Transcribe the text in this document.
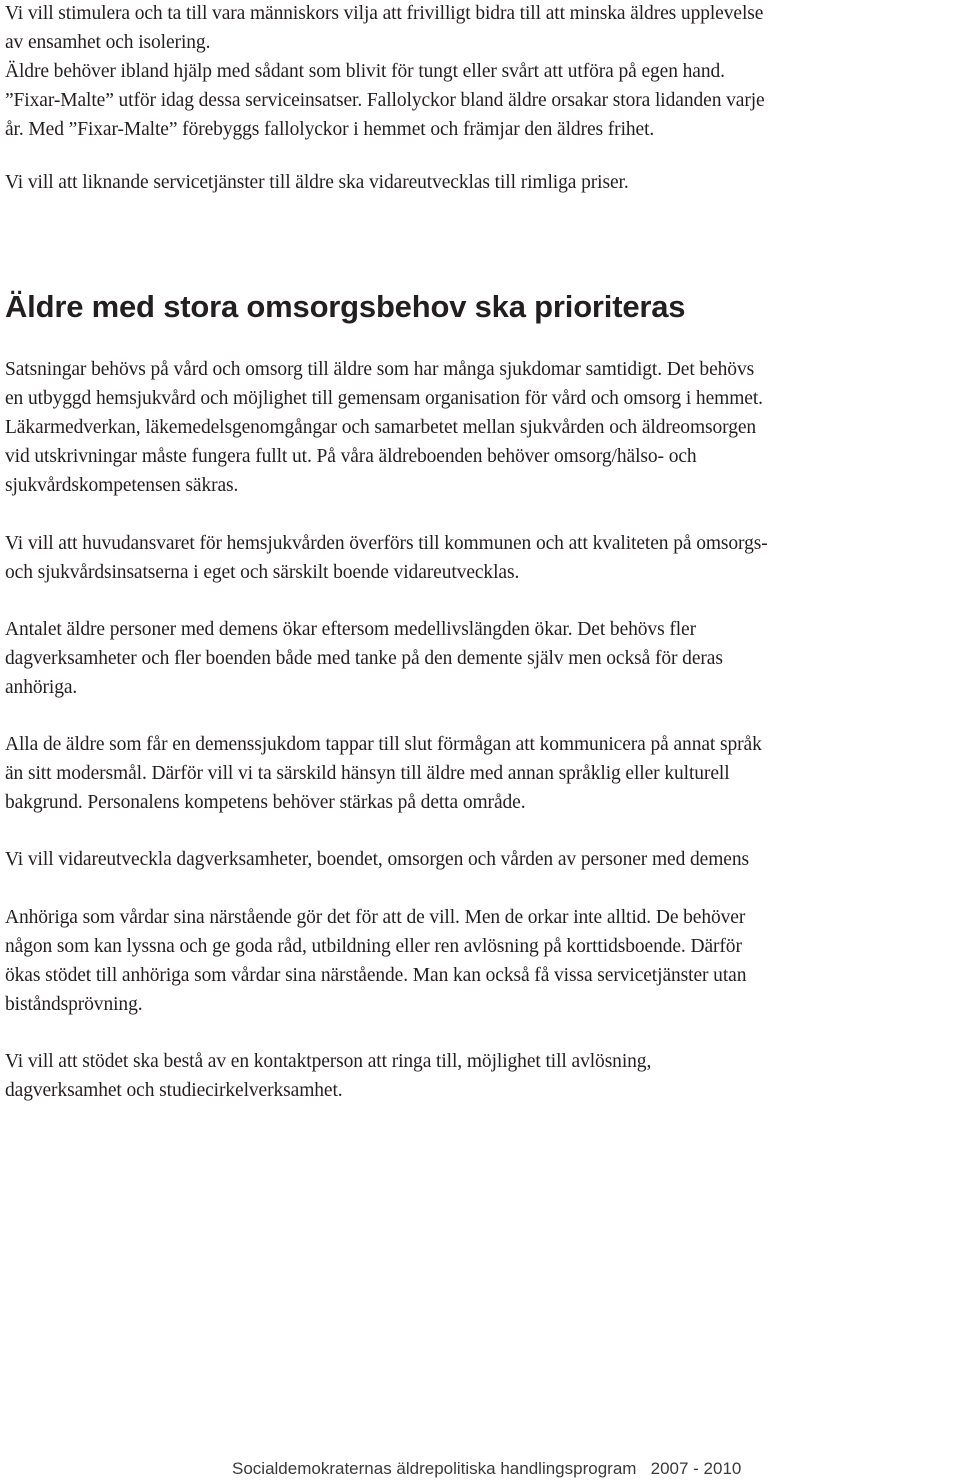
Vi vill stimulera och ta till vara människors vilja att frivilligt bidra till att minska äldres upplevelse

av ensamhet och isolering.

Äldre behöver ibland hjälp med sådant som blivit för tungt eller svårt att utföra på egen hand.

”Fixar-Malte” utför idag dessa serviceinsatser. Fallolyckor bland äldre orsakar stora lidanden varje

år. Med ”Fixar-Malte” förebyggs fallolyckor i hemmet och främjar den äldres frihet.

Vi vill att liknande servicetjänster till äldre ska vidareutvecklas till rimliga priser.

Äldre med stora omsorgsbehov ska prioriteras

Satsningar behövs på vård och omsorg till äldre som har många sjukdomar samtidigt. Det behövs

en utbyggd hemsjukvård och möjlighet till gemensam organisation för vård och omsorg i hemmet.

Läkarmedverkan, läkemedelsgenomgångar och samarbetet mellan sjukvården och äldreomsorgen

vid utskrivningar måste fungera fullt ut. På våra äldreboenden behöver omsorg/hälso- och

sjukvårdskompetensen säkras.

Vi vill att huvudansvaret för hemsjukvården överförs till kommunen och att kvaliteten på omsorgs-

och sjukvårdsinsatserna i eget och särskilt boende vidareutvecklas.

Antalet äldre personer med demens ökar eftersom medellivslängden ökar. Det behövs fler

dagverksamheter och fler boenden både med tanke på den demente själv men också för deras

anhöriga.

Alla de äldre som får en demenssjukdom tappar till slut förmågan att kommunicera på annat språk

än sitt modersmål. Därför vill vi ta särskild hänsyn till äldre med annan språklig eller kulturell

bakgrund. Personalens kompetens behöver stärkas på detta område.

Vi vill vidareutveckla dagverksamheter, boendet, omsorgen och vården av personer med demens

Anhöriga som vårdar sina närstående gör det för att de vill. Men de orkar inte alltid. De behöver

någon som kan lyssna och ge goda råd, utbildning eller ren avlösning på korttidsboende. Därför

ökas stödet till anhöriga som vårdar sina närstående. Man kan också få vissa servicetjänster utan

biståndsprövning.

Vi vill att stödet ska bestå av en kontaktperson att ringa till, möjlighet till avlösning,

dagverksamhet och studiecirkelverksamhet.

Socialdemokraternas äldrepolitiska handlingsprogram 2007 - 2010
